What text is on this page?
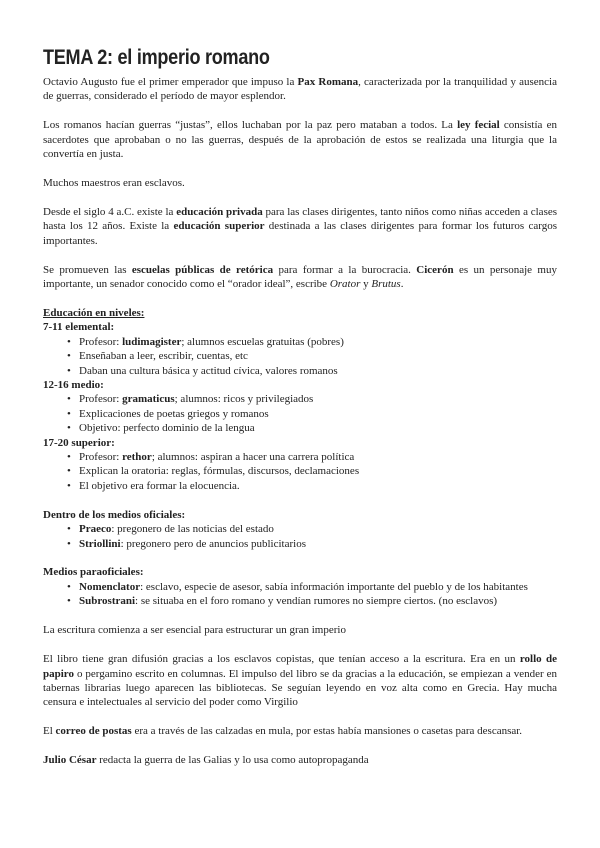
TEMA 2: el imperio romano

Octavio Augusto fue el primer emperador que impuso la Pax Romana, caracterizada por la tranquilidad y ausencia de guerras, considerado el período de mayor esplendor.

Los romanos hacían guerras “justas”, ellos luchaban por la paz pero mataban a todos. La ley fecial consistía en sacerdotes que aprobaban o no las guerras, después de la aprobación de estos se realizada una liturgia que la convertía en justa.

Muchos maestros eran esclavos.

Desde el siglo 4 a.C. existe la educación privada para las clases dirigentes, tanto niños como niñas acceden a clases hasta los 12 años. Existe la educación superior destinada a las clases dirigentes para formar los futuros cargos importantes.

Se promueven las escuelas públicas de retórica para formar a la burocracia. Cicerón es un personaje muy importante, un senador conocido como el “orador ideal”, escribe Orator y Brutus.

Educación en niveles:

7-11 elemental:

• Profesor: ludimagister; alumnos escuelas gratuitas (pobres)
• Enseñaban a leer, escribir, cuentas, etc
• Daban una cultura básica y actitud cívica, valores romanos

12-16 medio:

• Profesor: gramaticus; alumnos: ricos y privilegiados
• Explicaciones de poetas griegos y romanos
• Objetivo: perfecto dominio de la lengua

17-20 superior:

• Profesor: rethor; alumnos: aspiran a hacer una carrera política
• Explican la oratoria: reglas, fórmulas, discursos, declamaciones
• El objetivo era formar la elocuencia.

Dentro de los medios oficiales:

• Praeco: pregonero de las noticias del estado
• Striollini: pregonero pero de anuncios publicitarios

Medios paraoficiales:

• Nomenclator: esclavo, especie de asesor, sabía información importante del pueblo y de los habitantes
• Subrostrani: se situaba en el foro romano y vendían rumores no siempre ciertos. (no esclavos)

La escritura comienza a ser esencial para estructurar un gran imperio

El libro tiene gran difusión gracias a los esclavos copistas, que tenían acceso a la escritura. Era en un rollo de papiro o pergamino escrito en columnas. El impulso del libro se da gracias a la educación, se empiezan a vender en tabernas librarias luego aparecen las bibliotecas. Se seguían leyendo en voz alta como en Grecia. Hay mucha censura e intelectuales al servicio del poder como Virgilio

El correo de postas era a través de las calzadas en mula, por estas había mansiones o casetas para descansar.

Julio César redacta la guerra de las Galias y lo usa como autopropaganda
